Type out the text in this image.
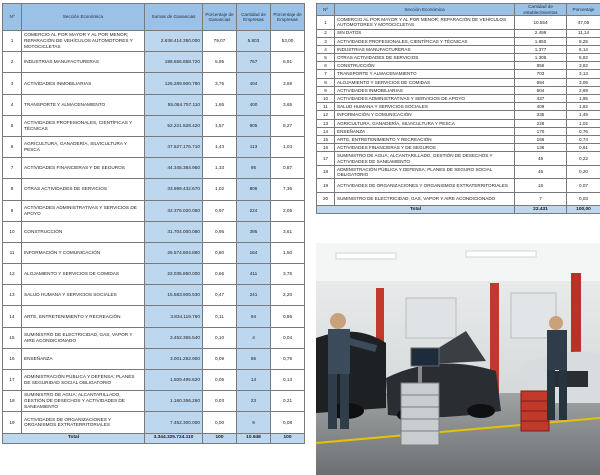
Nº	Sección Económica	Sumas de Ganancias	Porcentaje de Ganancias	Cantidad de Empresas	Porcentaje de Empresas
1	COMERCIO AL POR MAYOR Y AL POR MENOR; REPARACIÓN DE VEHÍCULOS AUTOMOTORES Y MOTOCICLETAS	2.638.414.350.000	79,07	5.803	53,00
2	INDUSTRIAS MANUFACTURERAS	198.656.858.720	5,95	757	6,91
3	ACTIVIDADES INMOBILIARIAS	125.289.900.780	3,75	404	3,69
4	TRANSPORTE Y ALMACENAMIENTO	55.084.757.110	1,65	400	3,65
5	ACTIVIDADES PROFESIONALES, CIENTÍFICAS Y TÉCNICAS	52.221.528.420	1,57	905	8,27
6	AGRICULTURA, GANADERÍA, SILVICULTURA Y PESCA	47.627.176.710	1,43	113	1,03
7	ACTIVIDADES FINANCIERAS Y DE SEGUROS	44.345.384.950	1,33	95	0,87
8	OTRAS ACTIVIDADES DE SERVICIOS	33.999.432.670	1,02	806	7,36
9	ACTIVIDADES ADMINISTRATIVAS Y SERVICIOS DE APOYO	32.376.020.050	0,97	224	2,05
10	CONSTRUCCIÓN	31.704.000.080	0,95	395	3,61
11	INFORMACIÓN Y COMUNICACIÓN	26.574.804.880	0,80	164	1,50
12	ALOJAMIENTO Y SERVICIOS DE COMIDAS	22.035.850.000	0,66	411	3,75
13	SALUD HUMANA Y SERVICIOS SOCIALES	15.583.905.530	0,47	241	2,20
14	ARTE, ENTRETENIMIENTO Y RECREACIÓN	3.834.119.760	0,11	94	0,86
15	SUMINISTRO DE ELECTRICIDAD, GAS, VAPOR Y AIRE ACONDICIONADO	3.452.365.540	0,10	4	0,04
16	ENSEÑANZA	3.001.292.900	0,09	86	0,79
17	ADMINISTRACIÓN PÚBLICA Y DEFENSA; PLANES DE SEGURIDAD SOCIAL OBLIGATORIO	1.509.495.620	0,05	14	0,13
18	SUMINISTRO DE AGUA; ALCANTARILLADO, GESTIÓN DE DESECHOS Y ACTIVIDADES DE SANEAMIENTO	1.160.356.260	0,03	23	0,21
19	ACTIVIDADES DE ORGANIZACIONES Y ORGANISMOS EXTRATERRITORIALES	7.452.300.000	0,00	9	0,08
Total		3.344.325.724.110	100	10.948	100
Nº	Sección Económica	Cantidad de establecimientos	Porcentaje
1	COMERCIO AL POR MAYOR Y AL POR MENOR; REPARACIÓN DE VEHÍCULOS AUTOMOTORES Y MOTOCICLETAS	10.554	47,05
2	SIN DATOS	2.499	11,14
3	ACTIVIDADES PROFESIONALES, CIENTÍFICAS Y TÉCNICAS	1.850	8,25
4	INDUSTRIAS MANUFACTURERAS	1.377	6,14
5	OTRAS ACTIVIDADES DE SERVICIOS	1.306	5,82
6	CONSTRUCCIÓN	856	3,82
7	TRANSPORTE Y ALMACENAMIENTO	703	3,13
8	ALOJAMIENTO Y SERVICIOS DE COMIDAS	684	3,05
9	ACTIVIDADES INMOBILIARIAS	604	2,69
10	ACTIVIDADES ADMINISTRATIVAS Y SERVICIOS DE APOYO	437	1,95
11	SALUD HUMANA Y SERVICIOS SOCIALES	409	1,82
12	INFORMACIÓN Y COMUNICACIÓN	335	1,49
13	AGRICULTURA, GANADERÍA, SILVICULTURA Y PESCA	228	1,02
14	ENSEÑANZA	170	0,76
15	ARTE, ENTRETENIMIENTO Y RECREACIÓN	166	0,74
16	ACTIVIDADES FINANCIERAS Y DE SEGUROS	136	0,61
17	SUMINISTRO DE AGUA; ALCANTARILLADO, GESTIÓN DE DESECHOS Y ACTIVIDADES DE SANEAMIENTO	49	0,22
18	ADMINISTRACIÓN PÚBLICA Y DEFENSA; PLANES DE SEGURO SOCIAL OBLIGATORIO	45	0,20
19	ACTIVIDADES DE ORGANIZACIONES Y ORGANISMOS EXTRATERRITORIALES	16	0,07
20	SUMINISTRO DE ELECTRICIDAD, GAS, VAPOR Y AIRE ACONDICIONADO	7	0,03
Total		22.431	100,00
